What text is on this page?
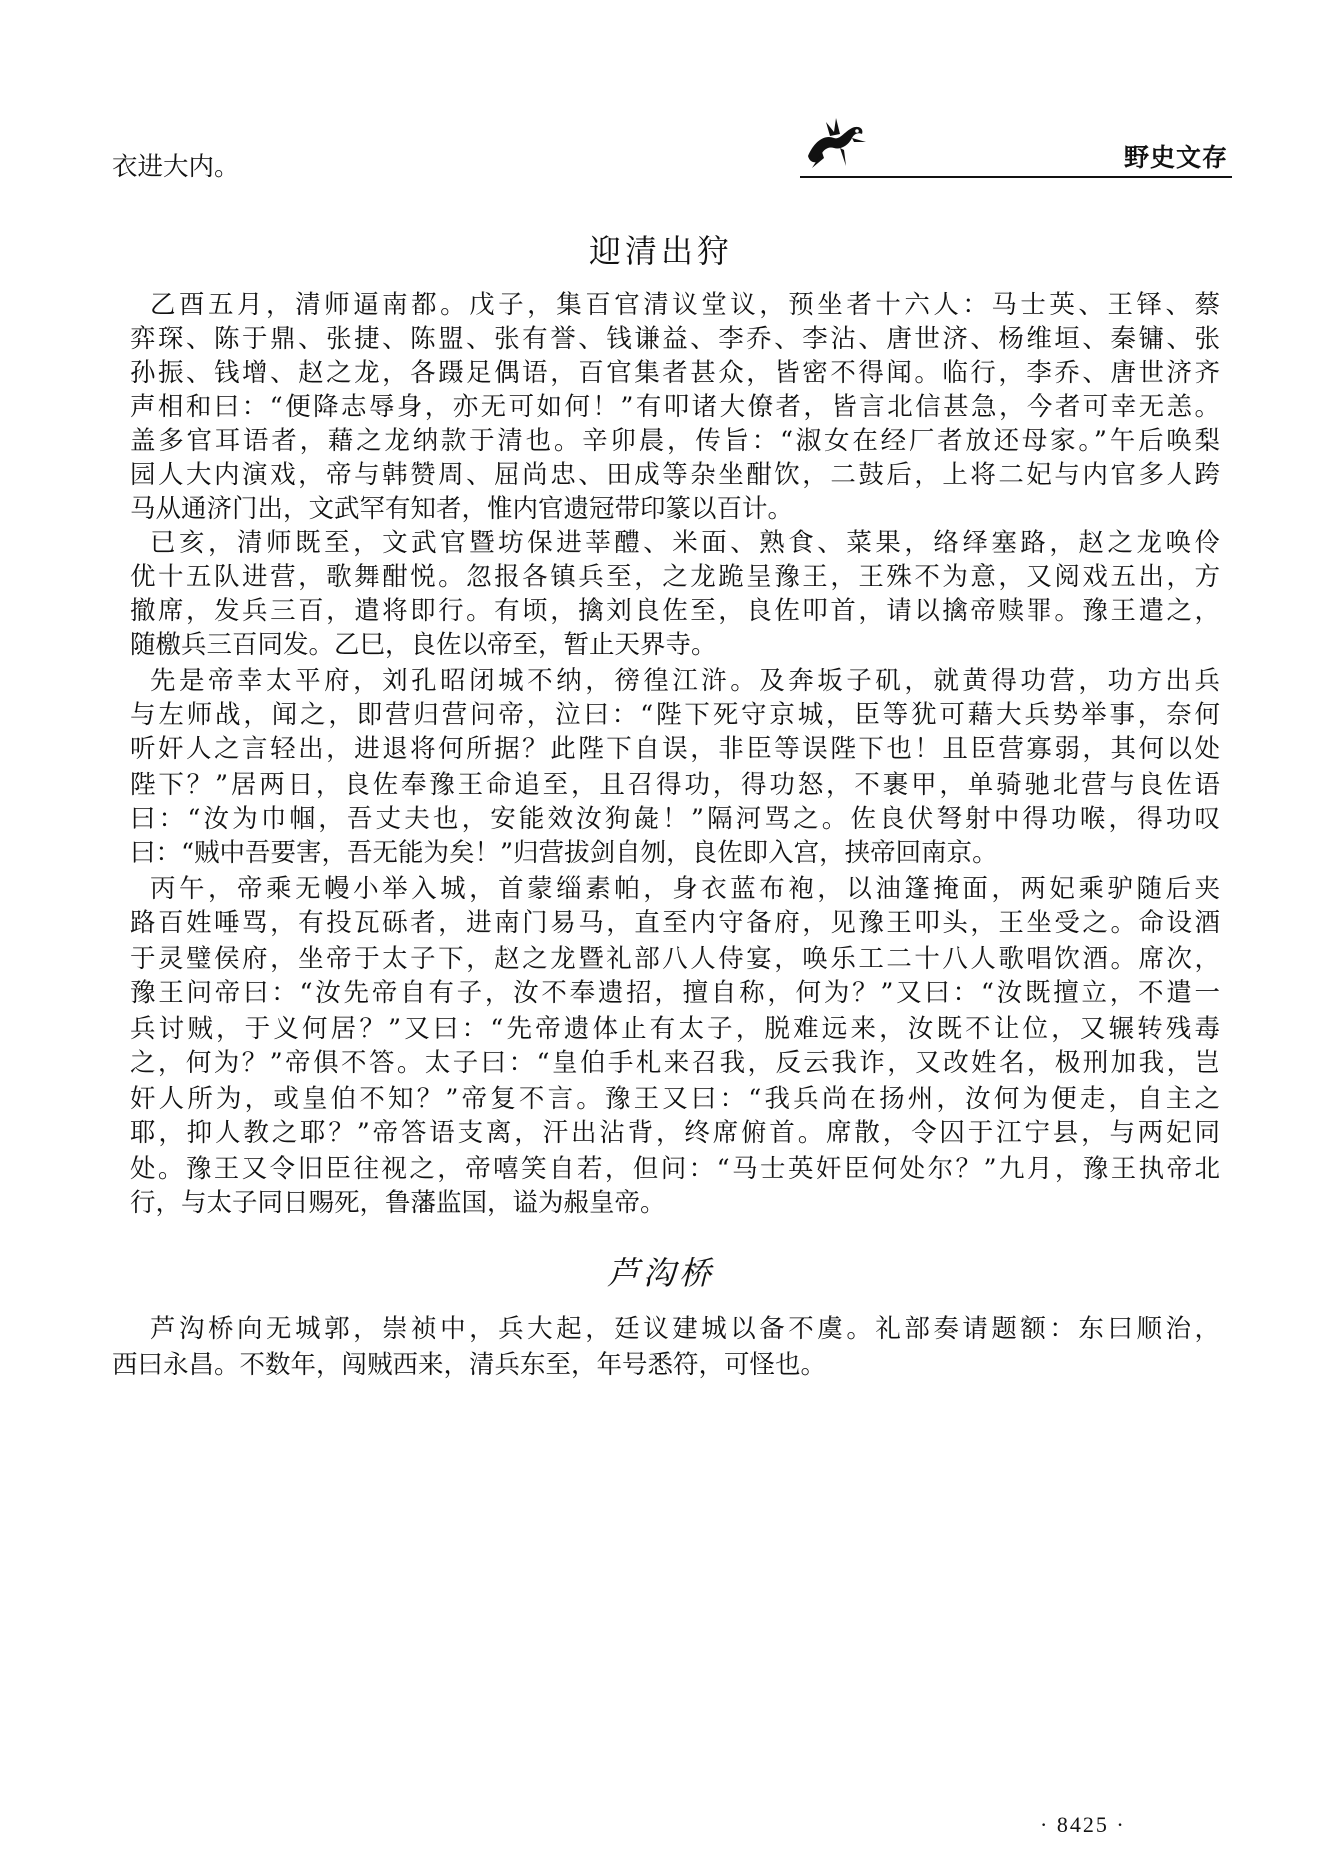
野史文存
衣进大内。
迎清出狩
乙酉五月，清师逼南都。戊子，集百官清议堂议，预坐者十六人：马士英、王铎、蔡
弈琛、陈于鼎、张捷、陈盟、张有誉、钱谦益、李乔、李沾、唐世济、杨维垣、秦镛、张
孙振、钱增、赵之龙，各蹑足偶语，百官集者甚众，皆密不得闻。临行，李乔、唐世济齐
声相和曰：“便降志辱身，亦无可如何！”有叩诸大僚者，皆言北信甚急，今者可幸无恙。
盖多官耳语者，藉之龙纳款于清也。辛卯晨，传旨：“淑女在经厂者放还母家。”午后唤梨
园人大内演戏，帝与韩赞周、屈尚忠、田成等杂坐酣饮，二鼓后，上将二妃与内官多人跨
马从通济门出，文武罕有知者，惟内官遗冠带印篆以百计。
已亥，清师既至，文武官暨坊保进莘醴、米面、熟食、菜果，络绎塞路，赵之龙唤伶
优十五队进营，歌舞酣悦。忽报各镇兵至，之龙跪呈豫王，王殊不为意，又阅戏五出，方
撤席，发兵三百，遣将即行。有顷，擒刘良佐至，良佐叩首，请以擒帝赎罪。豫王遣之，
随檄兵三百同发。乙巳，良佐以帝至，暂止天界寺。
先是帝幸太平府，刘孔昭闭城不纳，徬徨江浒。及奔坂子矶，就黄得功营，功方出兵
与左师战，闻之，即营归营问帝，泣曰：“陛下死守京城，臣等犹可藉大兵势举事，奈何
听奸人之言轻出，进退将何所据？此陛下自误，非臣等误陛下也！且臣营寡弱，其何以处
陛下？”居两日，良佐奉豫王命追至，且召得功，得功怒，不裹甲，单骑驰北营与良佐语
曰：“汝为巾帼，吾丈夫也，安能效汝狗彘！”隔河骂之。佐良伏弩射中得功喉，得功叹
曰：“贼中吾要害，吾无能为矣！”归营拔剑自刎，良佐即入宫，挟帝回南京。
丙午，帝乘无幔小举入城，首蒙缁素帕，身衣蓝布袍，以油篷掩面，两妃乘驴随后夹
路百姓唾骂，有投瓦砾者，进南门易马，直至内守备府，见豫王叩头，王坐受之。命设酒
于灵璧侯府，坐帝于太子下，赵之龙暨礼部八人侍宴，唤乐工二十八人歌唱饮酒。席次，
豫王问帝曰：“汝先帝自有子，汝不奉遗招，擅自称，何为？”又曰：“汝既擅立，不遣一
兵讨贼，于义何居？”又曰：“先帝遗体止有太子，脱难远来，汝既不让位，又辗转残毒
之，何为？”帝俱不答。太子曰：“皇伯手札来召我，反云我诈，又改姓名，极刑加我，岂
奸人所为，或皇伯不知？”帝复不言。豫王又曰：“我兵尚在扬州，汝何为便走，自主之
耶，抑人教之耶？”帝答语支离，汗出沾背，终席俯首。席散，令囚于江宁县，与两妃同
处。豫王又令旧臣往视之，帝嘻笑自若，但问：“马士英奸臣何处尔？”九月，豫王执帝北
行，与太子同日赐死，鲁藩监国，谥为赧皇帝。
芦沟桥
芦沟桥向无城郭，崇祯中，兵大起，廷议建城以备不虞。礼部奏请题额：东曰顺治，
西曰永昌。不数年，闯贼西来，清兵东至，年号悉符，可怪也。
· 8425 ·
